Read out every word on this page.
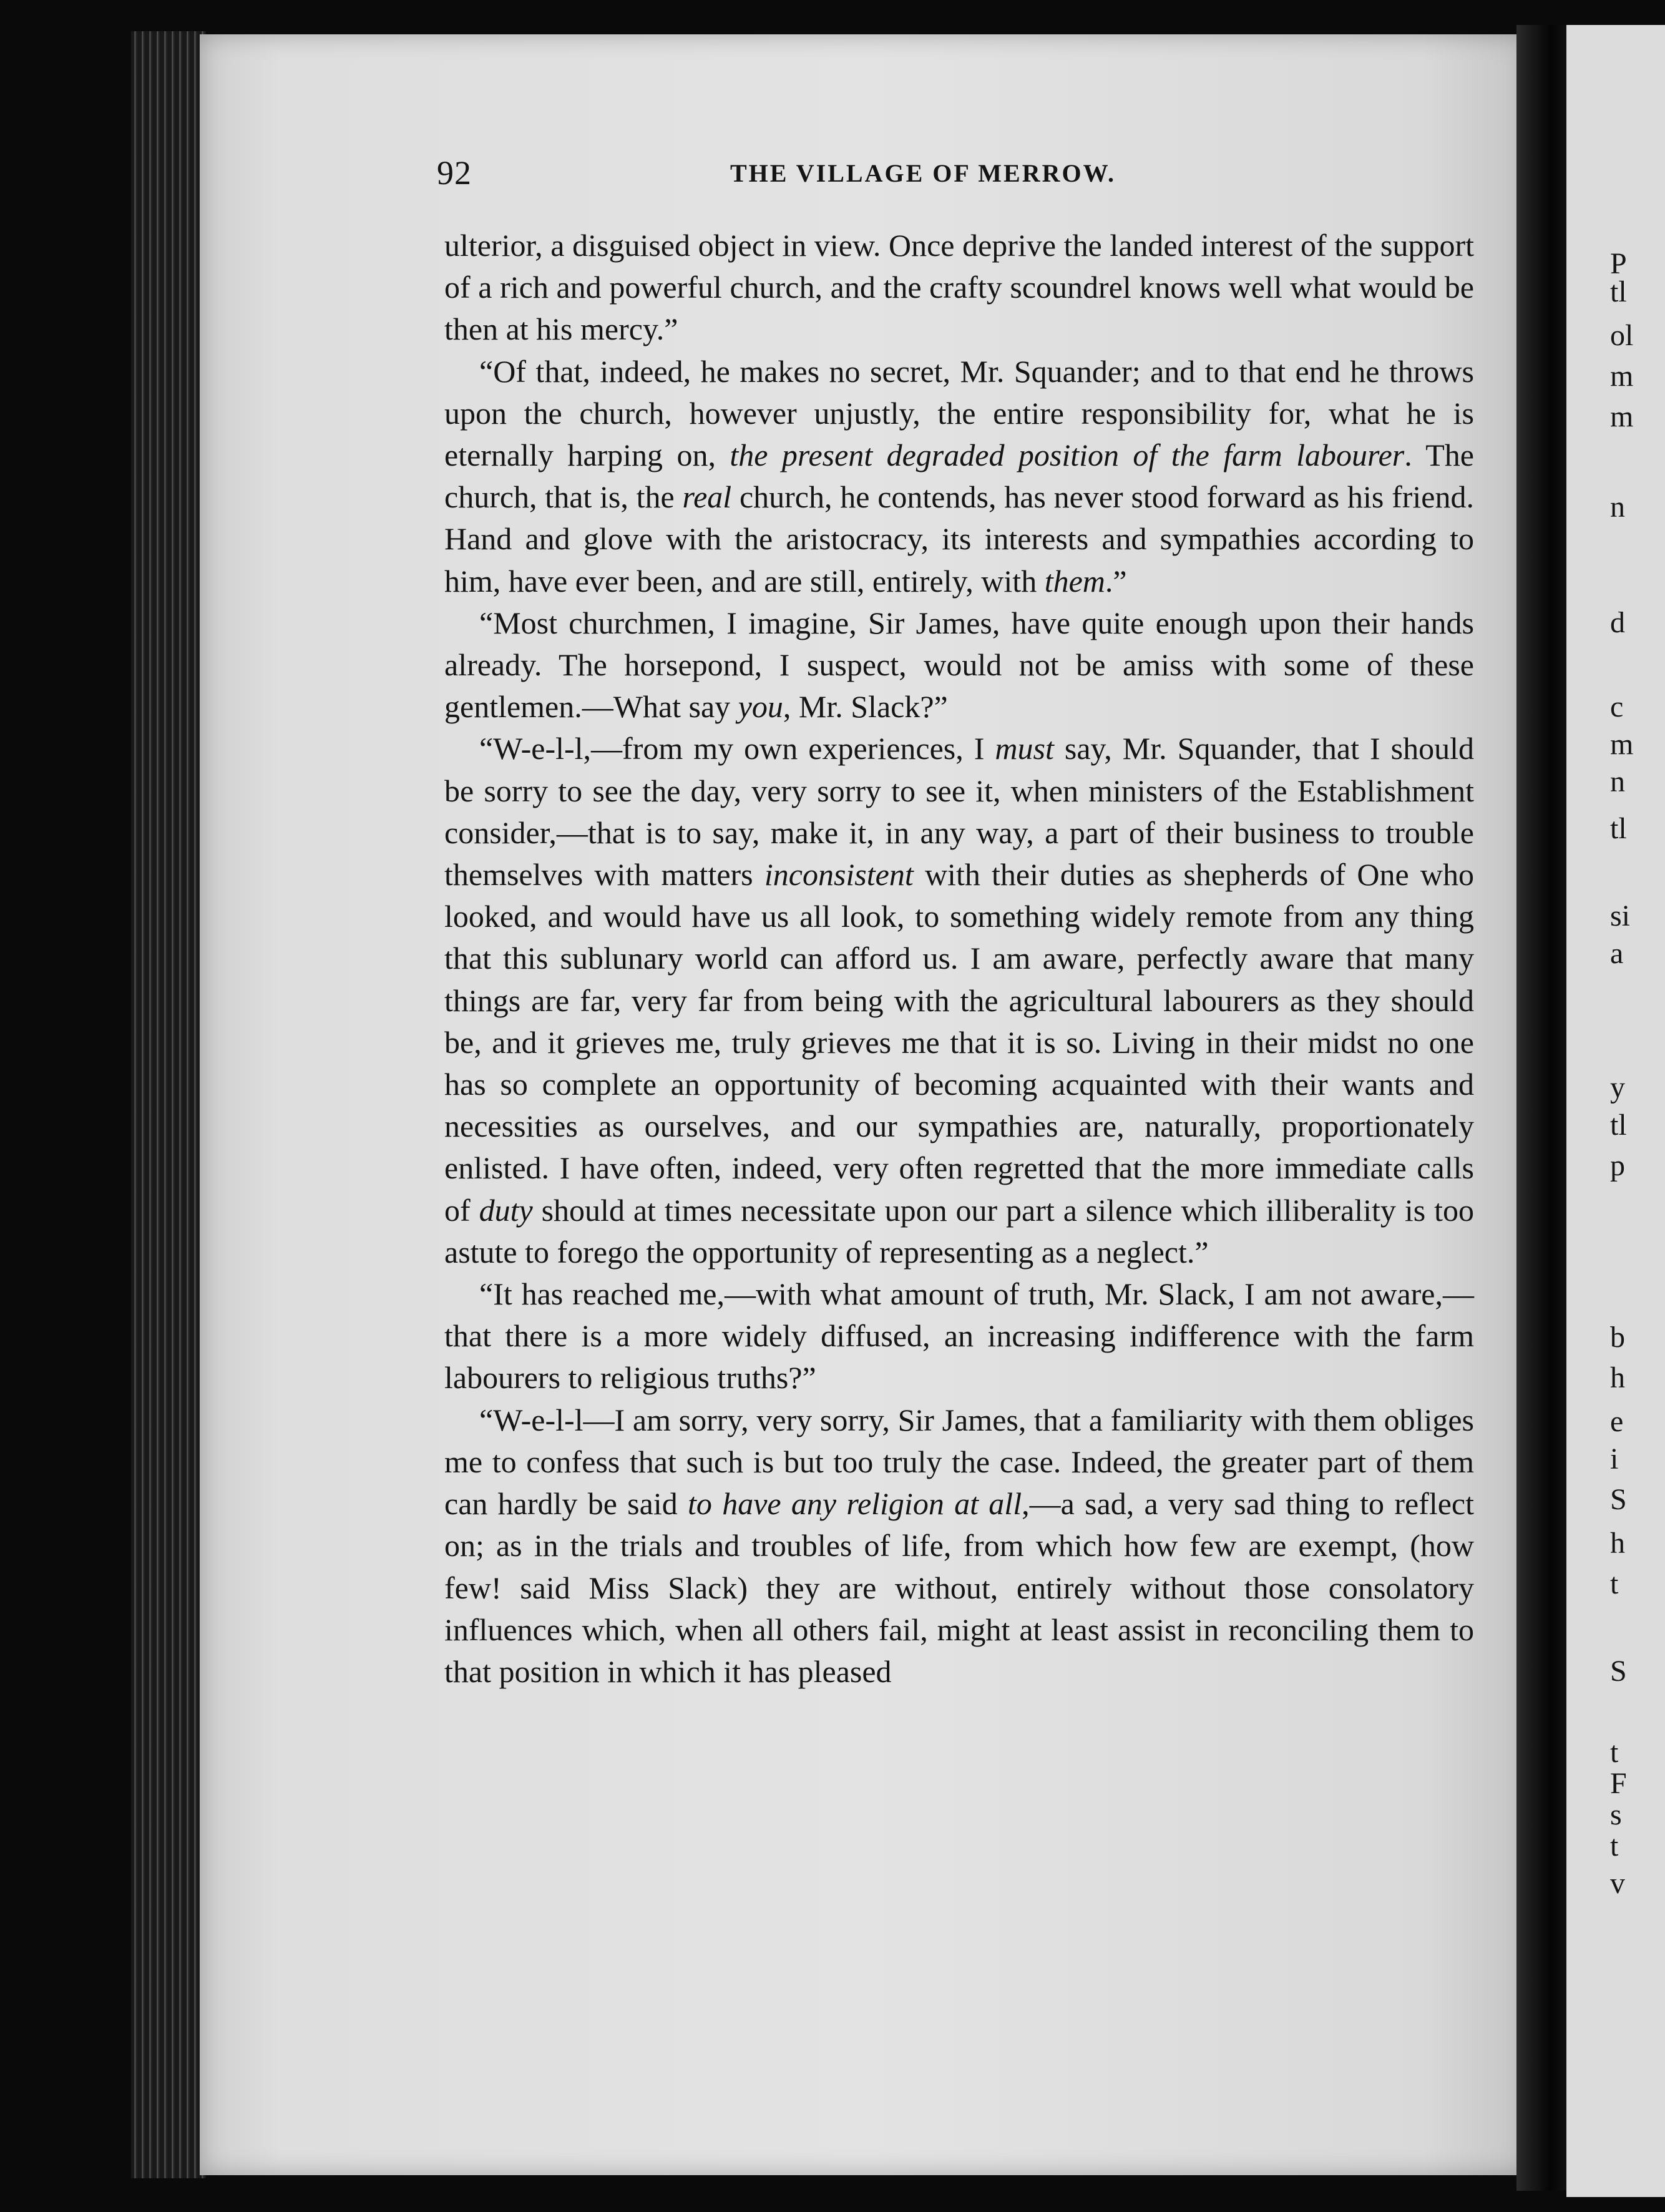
92	THE VILLAGE OF MERROW.

ulterior, a disguised object in view. Once deprive the landed interest of the support of a rich and powerful church, and the crafty scoundrel knows well what would be then at his mercy.”

“Of that, indeed, he makes no secret, Mr. Squander; and to that end he throws upon the church, however unjustly, the entire responsibility for, what he is eternally harping on, the present degraded position of the farm labourer. The church, that is, the real church, he contends, has never stood forward as his friend. Hand and glove with the aristocracy, its interests and sympathies according to him, have ever been, and are still, entirely, with them.”

“Most churchmen, I imagine, Sir James, have quite enough upon their hands already. The horsepond, I suspect, would not be amiss with some of these gentlemen.—What say you, Mr. Slack?”

“W-e-l-l,—from my own experiences, I must say, Mr. Squander, that I should be sorry to see the day, very sorry to see it, when ministers of the Establishment consider,—that is to say, make it, in any way, a part of their business to trouble themselves with matters inconsistent with their duties as shepherds of One who looked, and would have us all look, to something widely remote from any thing that this sublunary world can afford us. I am aware, perfectly aware that many things are far, very far from being with the agricultural labourers as they should be, and it grieves me, truly grieves me that it is so. Living in their midst no one has so complete an opportunity of becoming acquainted with their wants and necessities as ourselves, and our sympathies are, naturally, proportionately enlisted. I have often, indeed, very often regretted that the more immediate calls of duty should at times necessitate upon our part a silence which illiberality is too astute to forego the opportunity of representing as a neglect.”

“It has reached me,—with what amount of truth, Mr. Slack, I am not aware,—that there is a more widely diffused, an increasing indifference with the farm labourers to religious truths?”

“W-e-l-l—I am sorry, very sorry, Sir James, that a familiarity with them obliges me to confess that such is but too truly the case. Indeed, the greater part of them can hardly be said to have any religion at all,—a sad, a very sad thing to reflect on; as in the trials and troubles of life, from which how few are exempt, (how few! said Miss Slack) they are without, entirely without those consolatory influences which, when all others fail, might at least assist in reconciling them to that position in which it has pleased

P
tl
ol
m
m
n
d
c
m
n
tl
si
a
y
tl
p
b
h
e
i
S
h
t
S
t
F
s
t
v
